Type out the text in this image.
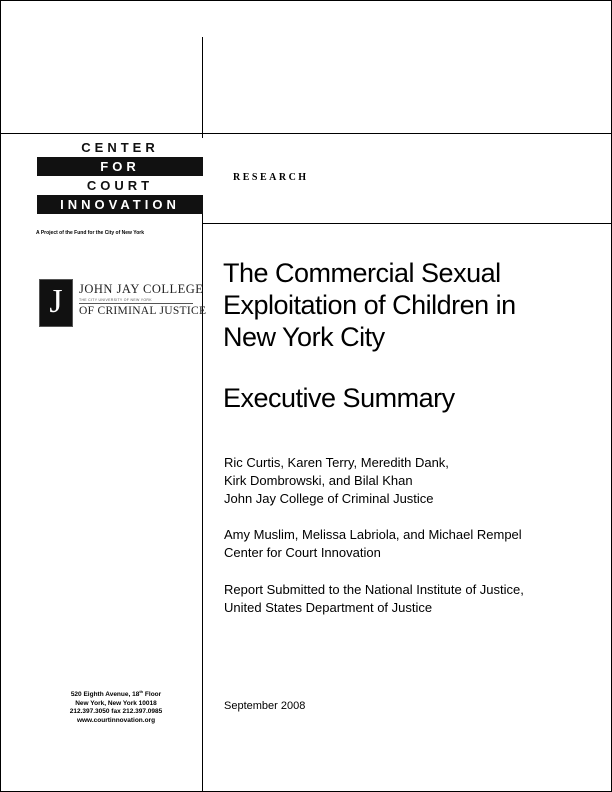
CENTER
FOR
COURT
INNOVATION
A Project of the Fund for the City of New York
RESEARCH
J	JOHN JAY COLLEGE
THE CITY UNIVERSITY OF NEW YORK
OF CRIMINAL JUSTICE
The Commercial Sexual
Exploitation of Children in
New York City
Executive Summary
Ric Curtis, Karen Terry, Meredith Dank,
Kirk Dombrowski, and Bilal Khan
John Jay College of Criminal Justice
Amy Muslim, Melissa Labriola, and Michael Rempel
Center for Court Innovation
Report Submitted to the National Institute of Justice,
United States Department of Justice
September 2008
520 Eighth Avenue, 18th Floor
New York, New York 10018
212.397.3050 fax 212.397.0985
www.courtinnovation.org
